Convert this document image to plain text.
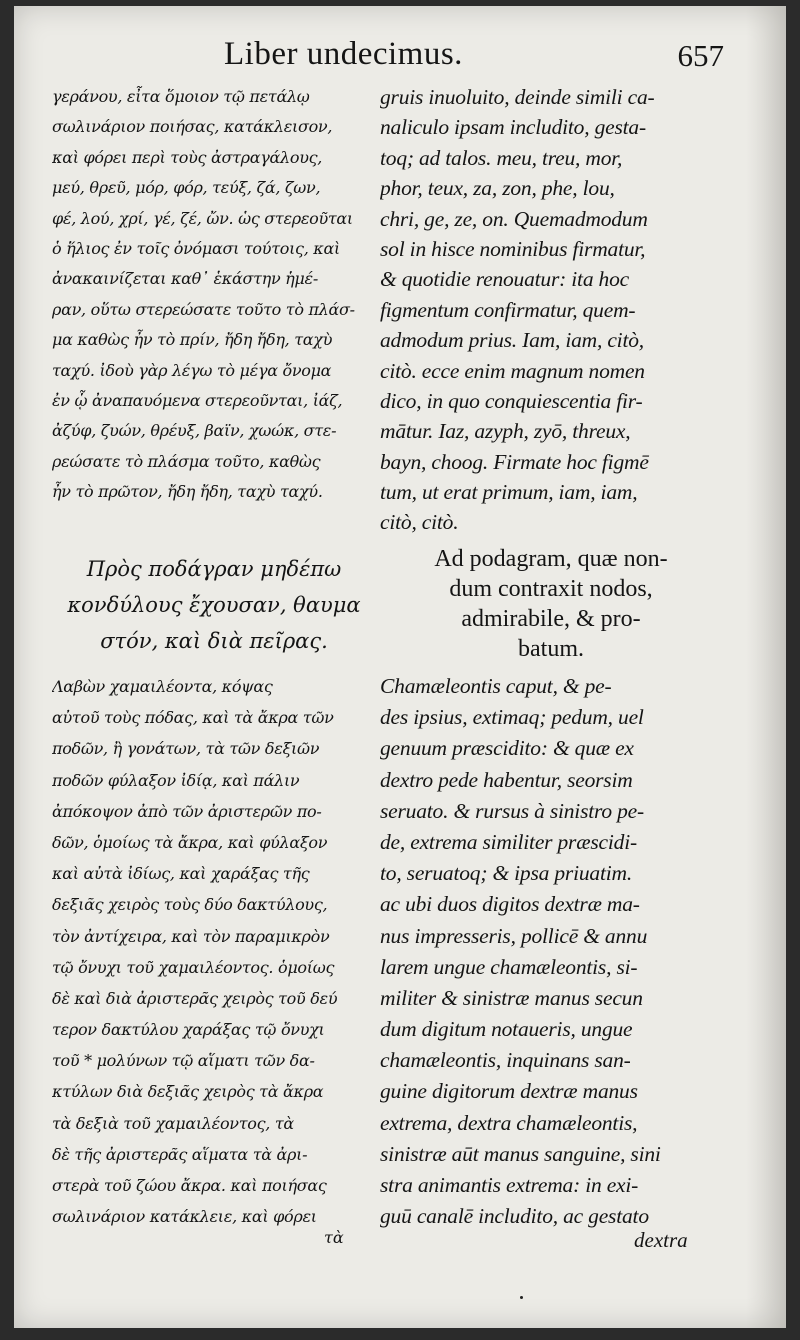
Liber undecimus.	657
γεράνου, εἶτα ὅμοιον τῷ πετάλῳ
σωλινάριον ποιήσας, κατάκλεισον,
καὶ φόρει περὶ τοὺς ἀστραγάλους,
μεύ, θρεῦ, μόρ, φόρ, τεύξ, ζά, ζων,
φέ, λού, χρί, γέ, ζέ, ὤν. ὡς στερεοῦται
ὁ ἥλιος ἐν τοῖς ὀνόμασι τούτοις, καὶ
ἀνακαινίζεται καθ᾽ ἑκάστην ἡμέ-
ραν, οὕτω στερεώσατε τοῦτο τὸ πλάσ-
μα καθὼς ἦν τὸ πρίν, ἤδη ἤδη, ταχὺ
ταχύ. ἰδοὺ γὰρ λέγω τὸ μέγα ὄνομα
ἐν ᾧ ἀναπαυόμενα στερεοῦνται, ἰάζ,
ἀζύφ, ζυών, θρέυξ, βαϊν, χωώκ, στε-
ρεώσατε τὸ πλάσμα τοῦτο, καθὼς
ἦν τὸ πρῶτον, ἤδη ἤδη, ταχὺ ταχύ.
gruis inuoluito, deinde simili ca-
naliculo ipsam includito, gesta-
toq; ad talos. meu, treu, mor,
phor, teux, za, zon, phe, lou,
chri, ge, ze, on. Quemadmodum
sol in hisce nominibus firmatur,
& quotidie renouatur: ita hoc
figmentum confirmatur, quem-
admodum prius. Iam, iam, citò,
citò. ecce enim magnum nomen
dico, in quo conquiescentia fir-
mātur. Iaz, azyph, zyō, threux,
bayn, choog. Firmate hoc figmē
tum, ut erat primum, iam, iam,
citò, citò.
Πρὸς ποδάγραν μηδέπω
κονδύλους ἔχουσαν, θαυμα
στόν, καὶ διὰ πεῖρας.
Ad podagram, quæ non-
dum contraxit nodos,
admirabile, & pro-
batum.
Λαβὼν χαμαιλέοντα, κόψας
αὐτοῦ τοὺς πόδας, καὶ τὰ ἄκρα τῶν
ποδῶν, ἢ γονάτων, τὰ τῶν δεξιῶν
ποδῶν φύλαξον ἰδίᾳ, καὶ πάλιν
ἀπόκοψον ἀπὸ τῶν ἀριστερῶν πο-
δῶν, ὁμοίως τὰ ἄκρα, καὶ φύλαξον
καὶ αὐτὰ ἰδίως, καὶ χαράξας τῆς
δεξιᾶς χειρὸς τοὺς δύο δακτύλους,
τὸν ἀντίχειρα, καὶ τὸν παραμικρὸν
τῷ ὄνυχι τοῦ χαμαιλέοντος. ὁμοίως
δὲ καὶ διὰ ἀριστερᾶς χειρὸς τοῦ δεύ
τερον δακτύλου χαράξας τῷ ὄνυχι
τοῦ * μολύνων τῷ αἵματι τῶν δα-
κτύλων διὰ δεξιᾶς χειρὸς τὰ ἄκρα
τὰ δεξιὰ τοῦ χαμαιλέοντος, τὰ
δὲ τῆς ἀριστερᾶς αἵματα τὰ ἀρι-
στερὰ τοῦ ζώου ἄκρα. καὶ ποιήσας
σωλινάριον κατάκλειε, καὶ φόρει
Chamæleontis caput, & pe-
des ipsius, extimaq; pedum, uel
genuum præscidito: & quæ ex
dextro pede habentur, seorsim
seruato. & rursus à sinistro pe-
de, extrema similiter præscidi-
to, seruatoq; & ipsa priuatim.
ac ubi duos digitos dextræ ma-
nus impresseris, pollicē & annu
larem ungue chamæleontis, si-
militer & sinistræ manus secun
dum digitum notaueris, ungue
chamæleontis, inquinans san-
guine digitorum dextræ manus
extrema, dextra chamæleontis,
sinistræ aūt manus sanguine, sini
stra animantis extrema: in exi-
guū canalē includito, ac gestato
τὰ	dextra
